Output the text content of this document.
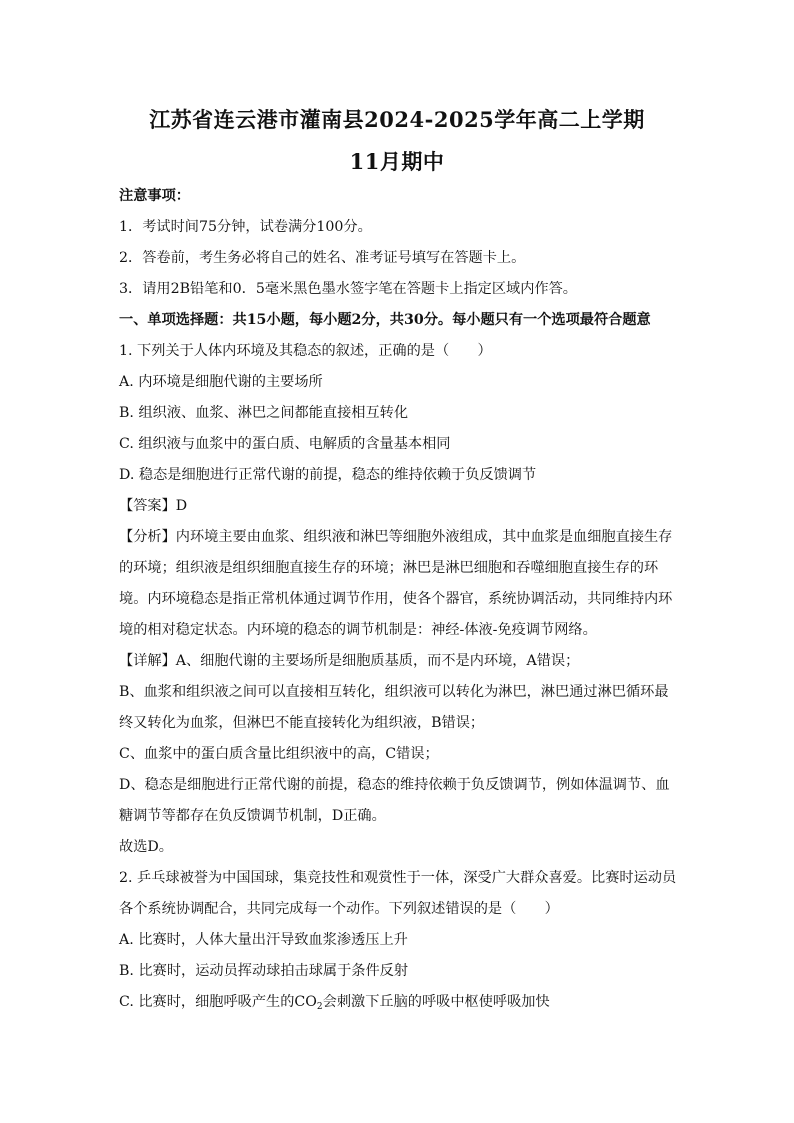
江苏省连云港市灌南县2024-2025学年高二上学期
11月期中
注意事项：
1．考试时间75分钟，试卷满分100分。
2．答卷前，考生务必将自己的姓名、准考证号填写在答题卡上。
3．请用2B铅笔和0．5毫米黑色墨水签字笔在答题卡上指定区域内作答。
一、单项选择题：共15小题，每小题2分，共30分。每小题只有一个选项最符合题意
1. 下列关于人体内环境及其稳态的叙述，正确的是（　　）
A. 内环境是细胞代谢的主要场所
B. 组织液、血浆、淋巴之间都能直接相互转化
C. 组织液与血浆中的蛋白质、电解质的含量基本相同
D. 稳态是细胞进行正常代谢的前提，稳态的维持依赖于负反馈调节
【答案】D
【分析】内环境主要由血浆、组织液和淋巴等细胞外液组成，其中血浆是血细胞直接生存
的环境；组织液是组织细胞直接生存的环境；淋巴是淋巴细胞和吞噬细胞直接生存的环
境。内环境稳态是指正常机体通过调节作用，使各个器官，系统协调活动，共同维持内环
境的相对稳定状态。内环境的稳态的调节机制是：神经-体液-免疫调节网络。
【详解】A、细胞代谢的主要场所是细胞质基质，而不是内环境，A错误；
B、血浆和组织液之间可以直接相互转化，组织液可以转化为淋巴，淋巴通过淋巴循环最
终又转化为血浆，但淋巴不能直接转化为组织液，B错误；
C、血浆中的蛋白质含量比组织液中的高，C错误；
D、稳态是细胞进行正常代谢的前提，稳态的维持依赖于负反馈调节，例如体温调节、血
糖调节等都存在负反馈调节机制，D正确。
故选D。
2. 乒乓球被誉为中国国球，集竞技性和观赏性于一体，深受广大群众喜爱。比赛时运动员
各个系统协调配合，共同完成每一个动作。下列叙述错误的是（　　）
A. 比赛时，人体大量出汗导致血浆渗透压上升
B. 比赛时，运动员挥动球拍击球属于条件反射
C. 比赛时，细胞呼吸产生的$CO_2$会刺激下丘脑的呼吸中枢使呼吸加快
